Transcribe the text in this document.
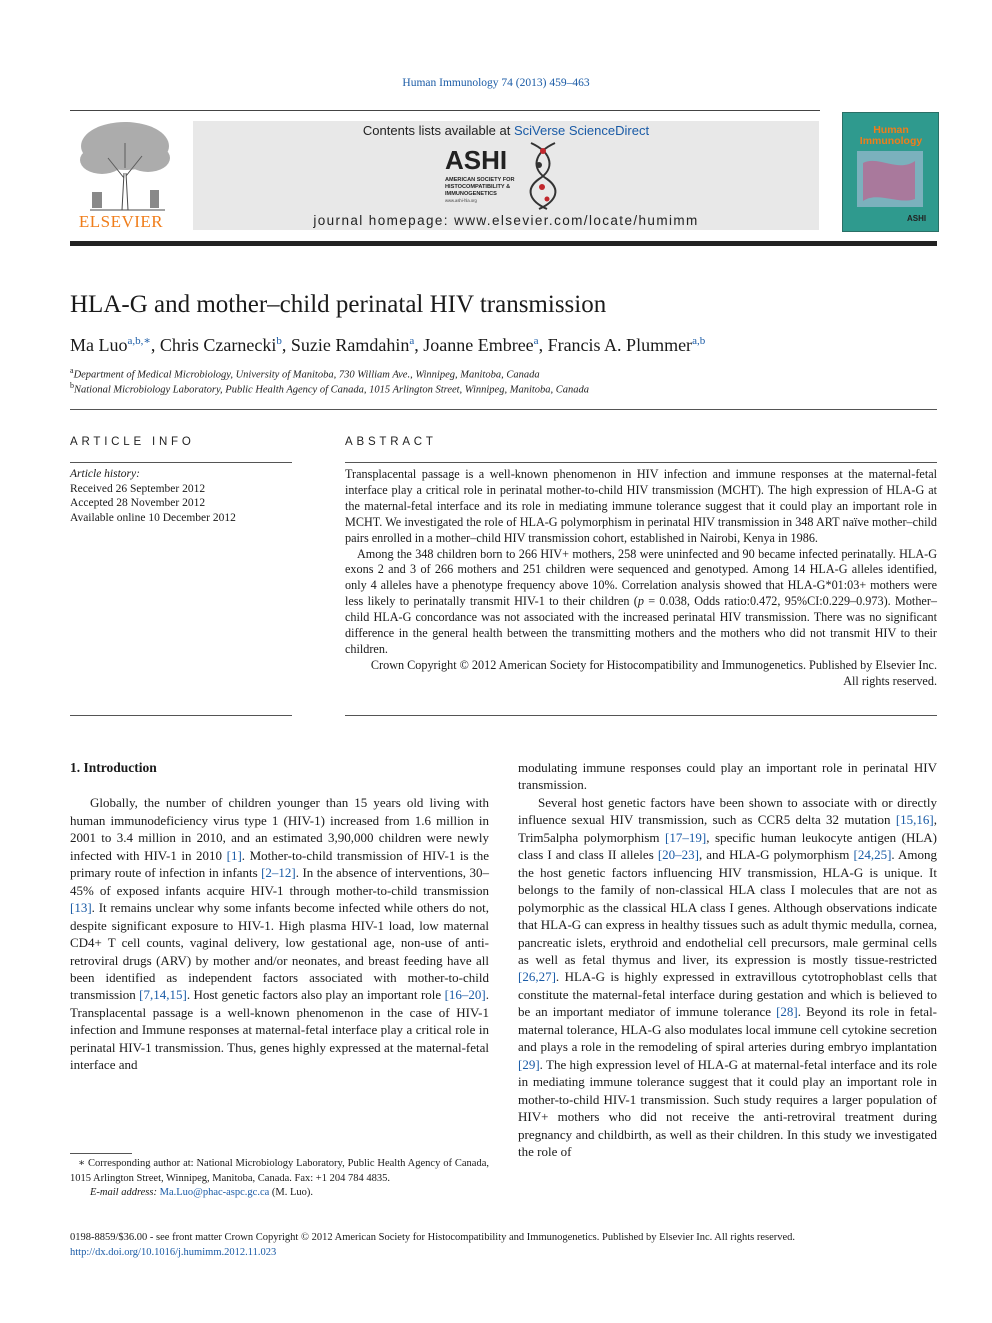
Human Immunology 74 (2013) 459–463
ELSEVIER
Contents lists available at SciVerse ScienceDirect
ASHI
AMERICAN SOCIETY FOR
HISTOCOMPATIBILITY &
IMMUNOGENETICS
www.ashi-hla.org
journal homepage: www.elsevier.com/locate/humimm
Human
Immunology
ASHI
HLA-G and mother–child perinatal HIV transmission
Ma Luo$^{a,b,∗}$, Chris Czarnecki$^b$, Suzie Ramdahin$^a$, Joanne Embree$^a$, Francis A. Plummer$^{a,b}$
$^a$Department of Medical Microbiology, University of Manitoba, 730 William Ave., Winnipeg, Manitoba, Canada
$^b$National Microbiology Laboratory, Public Health Agency of Canada, 1015 Arlington Street, Winnipeg, Manitoba, Canada
ARTICLE INFO
Article history:
Received 26 September 2012
Accepted 28 November 2012
Available online 10 December 2012
ABSTRACT

Transplacental passage is a well-known phenomenon in HIV infection and immune responses at the maternal-fetal interface play a critical role in perinatal mother-to-child HIV transmission (MCHT). The high expression of HLA-G at the maternal-fetal interface and its role in mediating immune tolerance suggest that it could play an important role in MCHT. We investigated the role of HLA-G polymorphism in perinatal HIV transmission in 348 ART naïve mother–child pairs enrolled in a mother–child HIV transmission cohort, established in Nairobi, Kenya in 1986.

Among the 348 children born to 266 HIV+ mothers, 258 were uninfected and 90 became infected perinatally. HLA-G exons 2 and 3 of 266 mothers and 251 children were sequenced and genotyped. Among 14 HLA-G alleles identified, only 4 alleles have a phenotype frequency above 10%. Correlation analysis showed that HLA-G*01:03+ mothers were less likely to perinatally transmit HIV-1 to their children (p = 0.038, Odds ratio:0.472, 95%CI:0.229–0.973). Mother–child HLA-G concordance was not associated with the increased perinatal HIV transmission. There was no significant difference in the general health between the transmitting mothers and the mothers who did not transmit HIV to their children.

Crown Copyright © 2012 American Society for Histocompatibility and Immunogenetics. Published by Elsevier Inc. All rights reserved.

1. Introduction

Globally, the number of children younger than 15 years old living with human immunodeficiency virus type 1 (HIV-1) increased from 1.6 million in 2001 to 3.4 million in 2010, and an estimated 3,90,000 children were newly infected with HIV-1 in 2010 [1]. Mother-to-child transmission of HIV-1 is the primary route of infection in infants [2–12]. In the absence of interventions, 30–45% of exposed infants acquire HIV-1 through mother-to-child transmission [13]. It remains unclear why some infants become infected while others do not, despite significant exposure to HIV-1. High plasma HIV-1 load, low maternal CD4+ T cell counts, vaginal delivery, low gestational age, non-use of anti-retroviral drugs (ARV) by mother and/or neonates, and breast feeding have all been identified as independent factors associated with mother-to-child transmission [7,14,15]. Host genetic factors also play an important role [16–20]. Transplacental passage is a well-known phenomenon in the case of HIV-1 infection and Immune responses at maternal-fetal interface play a critical role in perinatal HIV-1 transmission. Thus, genes highly expressed at the maternal-fetal interface and

modulating immune responses could play an important role in perinatal HIV transmission.

Several host genetic factors have been shown to associate with or directly influence sexual HIV transmission, such as CCR5 delta 32 mutation [15,16], Trim5alpha polymorphism [17–19], specific human leukocyte antigen (HLA) class I and class II alleles [20–23], and HLA-G polymorphism [24,25]. Among the host genetic factors influencing HIV transmission, HLA-G is unique. It belongs to the family of non-classical HLA class I molecules that are not as polymorphic as the classical HLA class I genes. Although observations indicate that HLA-G can express in healthy tissues such as adult thymic medulla, cornea, pancreatic islets, erythroid and endothelial cell precursors, male germinal cells as well as fetal thymus and liver, its expression is mostly tissue-restricted [26,27]. HLA-G is highly expressed in extravillous cytotrophoblast cells that constitute the maternal-fetal interface during gestation and which is believed to be an important mediator of immune tolerance [28]. Beyond its role in fetal-maternal tolerance, HLA-G also modulates local immune cell cytokine secretion and plays a role in the remodeling of spiral arteries during embryo implantation [29]. The high expression level of HLA-G at maternal-fetal interface and its role in mediating immune tolerance suggest that it could play an important role in mother-to-child HIV-1 transmission. Such study requires a larger population of HIV+ mothers who did not receive the anti-retroviral treatment during pregnancy and childbirth, as well as their children. In this study we investigated the role of

∗ Corresponding author at: National Microbiology Laboratory, Public Health Agency of Canada, 1015 Arlington Street, Winnipeg, Manitoba, Canada. Fax: +1 204 784 4835.

E-mail address: Ma.Luo@phac-aspc.gc.ca (M. Luo).

0198-8859/$36.00 - see front matter Crown Copyright © 2012 American Society for Histocompatibility and Immunogenetics. Published by Elsevier Inc. All rights reserved.
http://dx.doi.org/10.1016/j.humimm.2012.11.023
